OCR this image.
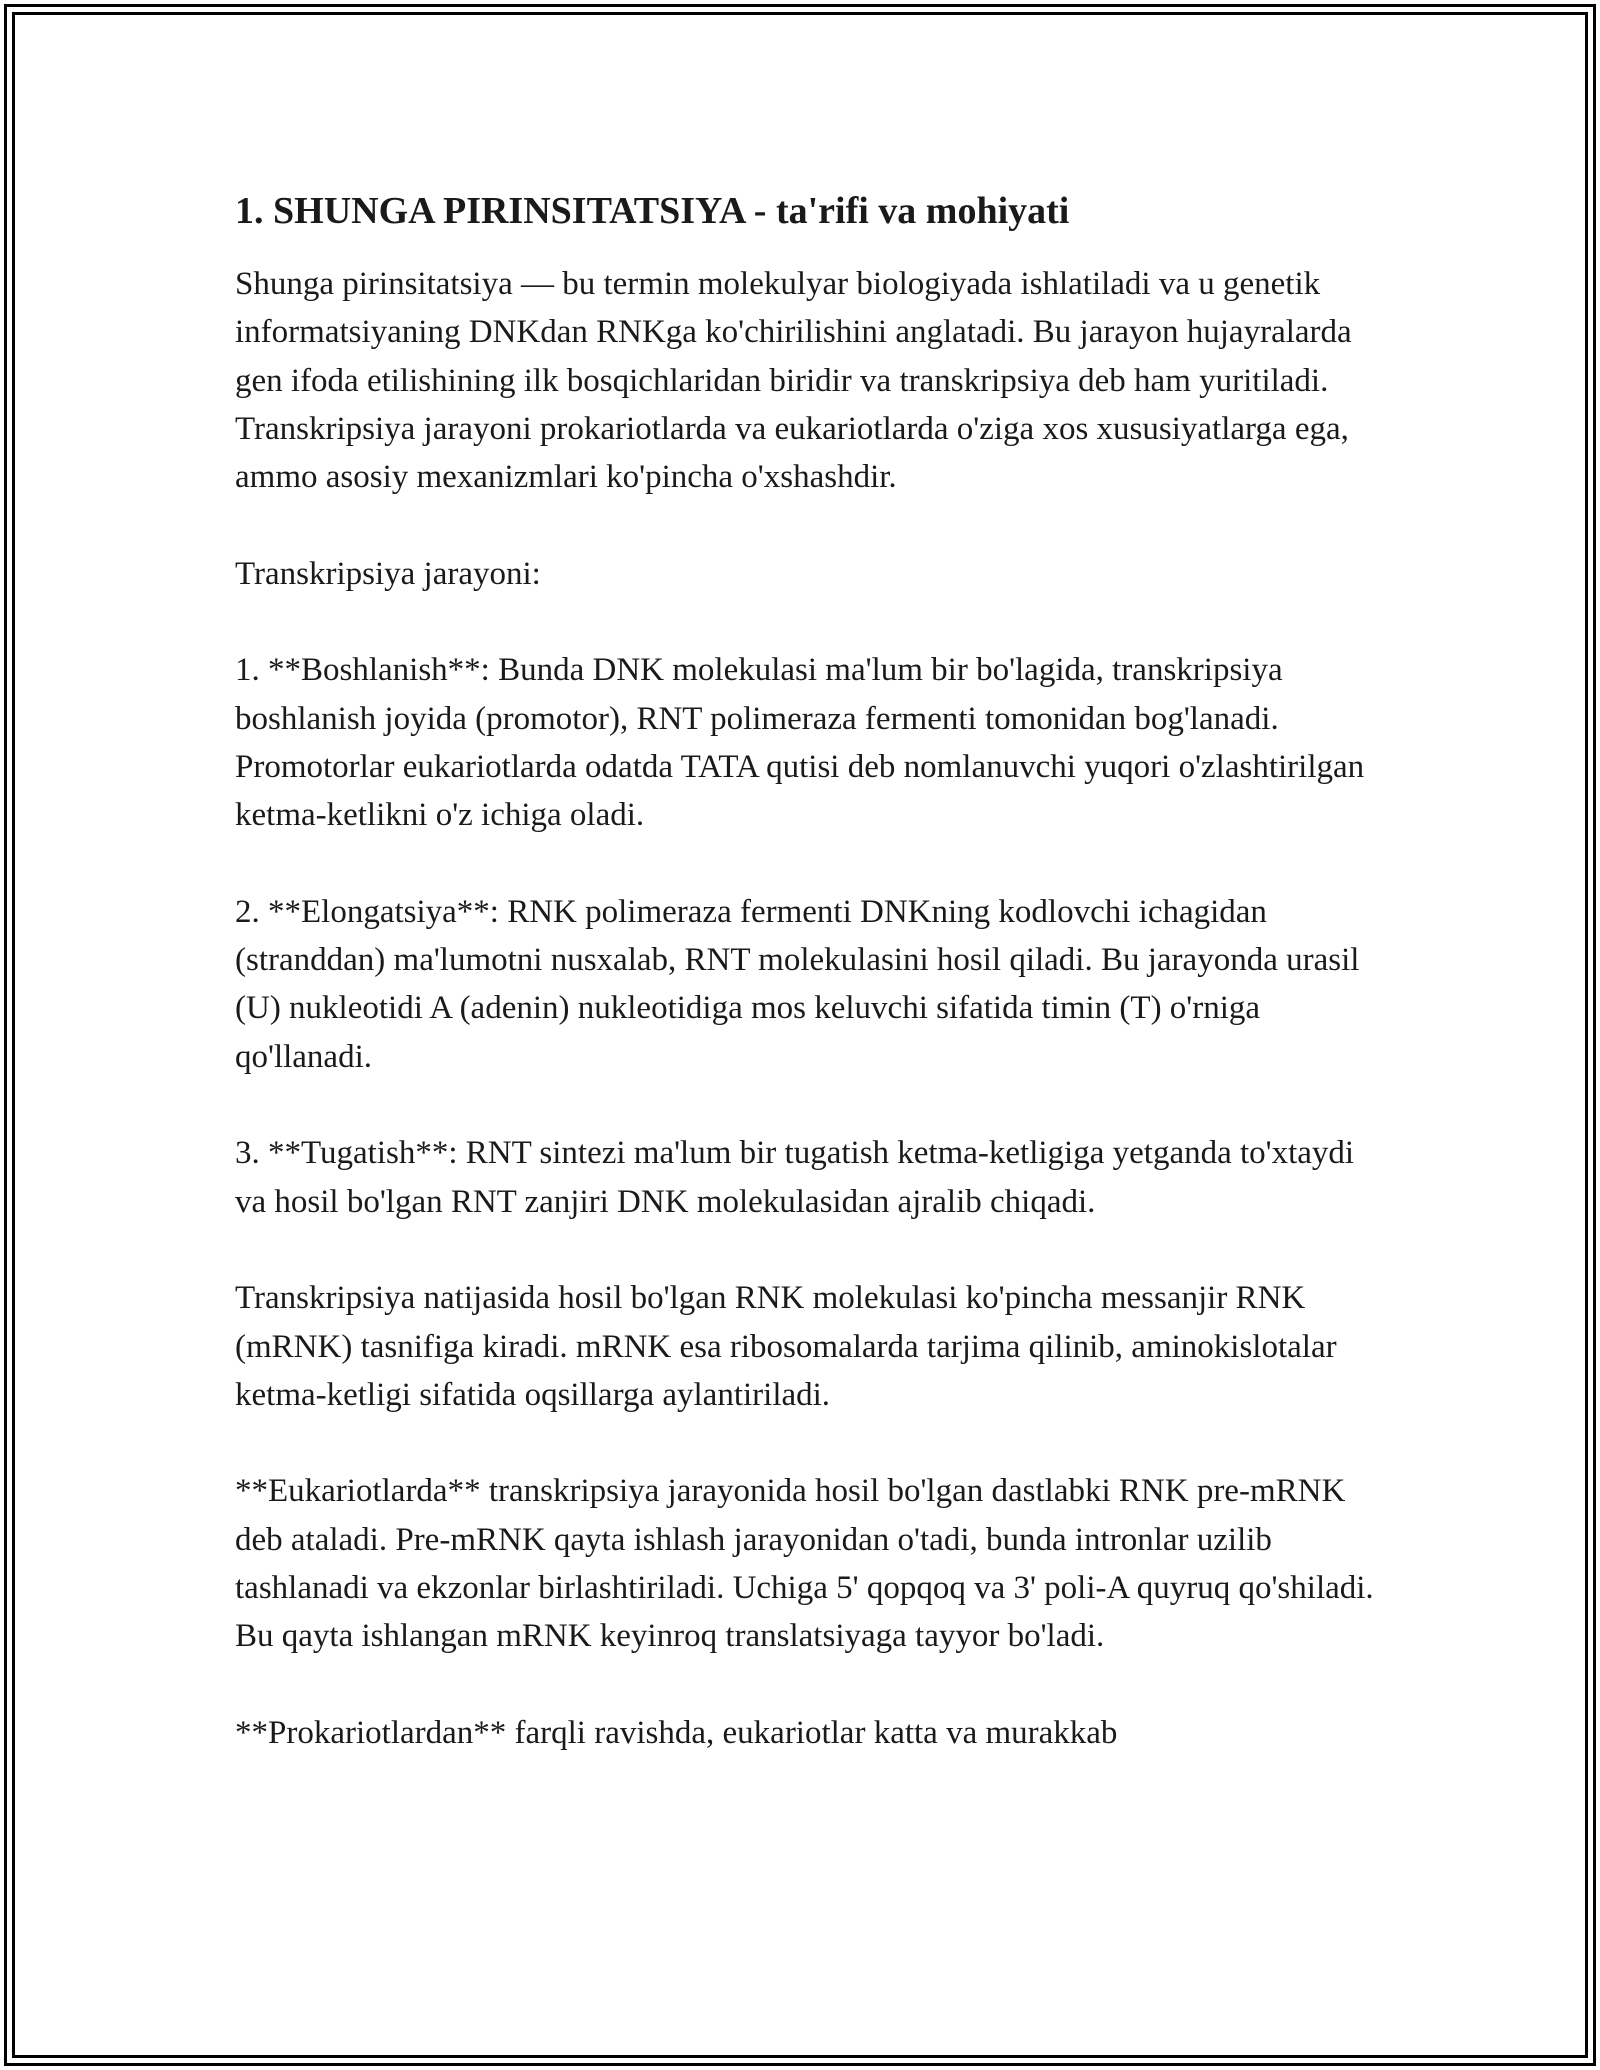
1. SHUNGA PIRINSITATSIYA - ta'rifi va mohiyati

Shunga pirinsitatsiya — bu termin molekulyar biologiyada ishlatiladi va u genetik informatsiyaning DNKdan RNKga ko'chirilishini anglatadi. Bu jarayon hujayralarda gen ifoda etilishining ilk bosqichlaridan biridir va transkripsiya deb ham yuritiladi. Transkripsiya jarayoni prokariotlarda va eukariotlarda o'ziga xos xususiyatlarga ega, ammo asosiy mexanizmlari ko'pincha o'xshashdir.

Transkripsiya jarayoni:

1. **Boshlanish**: Bunda DNK molekulasi ma'lum bir bo'lagida, transkripsiya boshlanish joyida (promotor), RNT polimeraza fermenti tomonidan bog'lanadi. Promotorlar eukariotlarda odatda TATA qutisi deb nomlanuvchi yuqori o'zlashtirilgan ketma-ketlikni o'z ichiga oladi.

2. **Elongatsiya**: RNK polimeraza fermenti DNKning kodlovchi ichagidan (stranddan) ma'lumotni nusxalab, RNT molekulasini hosil qiladi. Bu jarayonda urasil (U) nukleotidi A (adenin) nukleotidiga mos keluvchi sifatida timin (T) o'rniga qo'llanadi.

3. **Tugatish**: RNT sintezi ma'lum bir tugatish ketma-ketligiga yetganda to'xtaydi va hosil bo'lgan RNT zanjiri DNK molekulasidan ajralib chiqadi.

Transkripsiya natijasida hosil bo'lgan RNK molekulasi ko'pincha messanjir RNK (mRNK) tasnifiga kiradi. mRNK esa ribosomalarda tarjima qilinib, aminokislotalar ketma-ketligi sifatida oqsillarga aylantiriladi.

**Eukariotlarda** transkripsiya jarayonida hosil bo'lgan dastlabki RNK pre-mRNK deb ataladi. Pre-mRNK qayta ishlash jarayonidan o'tadi, bunda intronlar uzilib tashlanadi va ekzonlar birlashtiriladi. Uchiga 5' qopqoq va 3' poli-A quyruq qo'shiladi. Bu qayta ishlangan mRNK keyinroq translatsiyaga tayyor bo'ladi.

**Prokariotlardan** farqli ravishda, eukariotlar katta va murakkab
